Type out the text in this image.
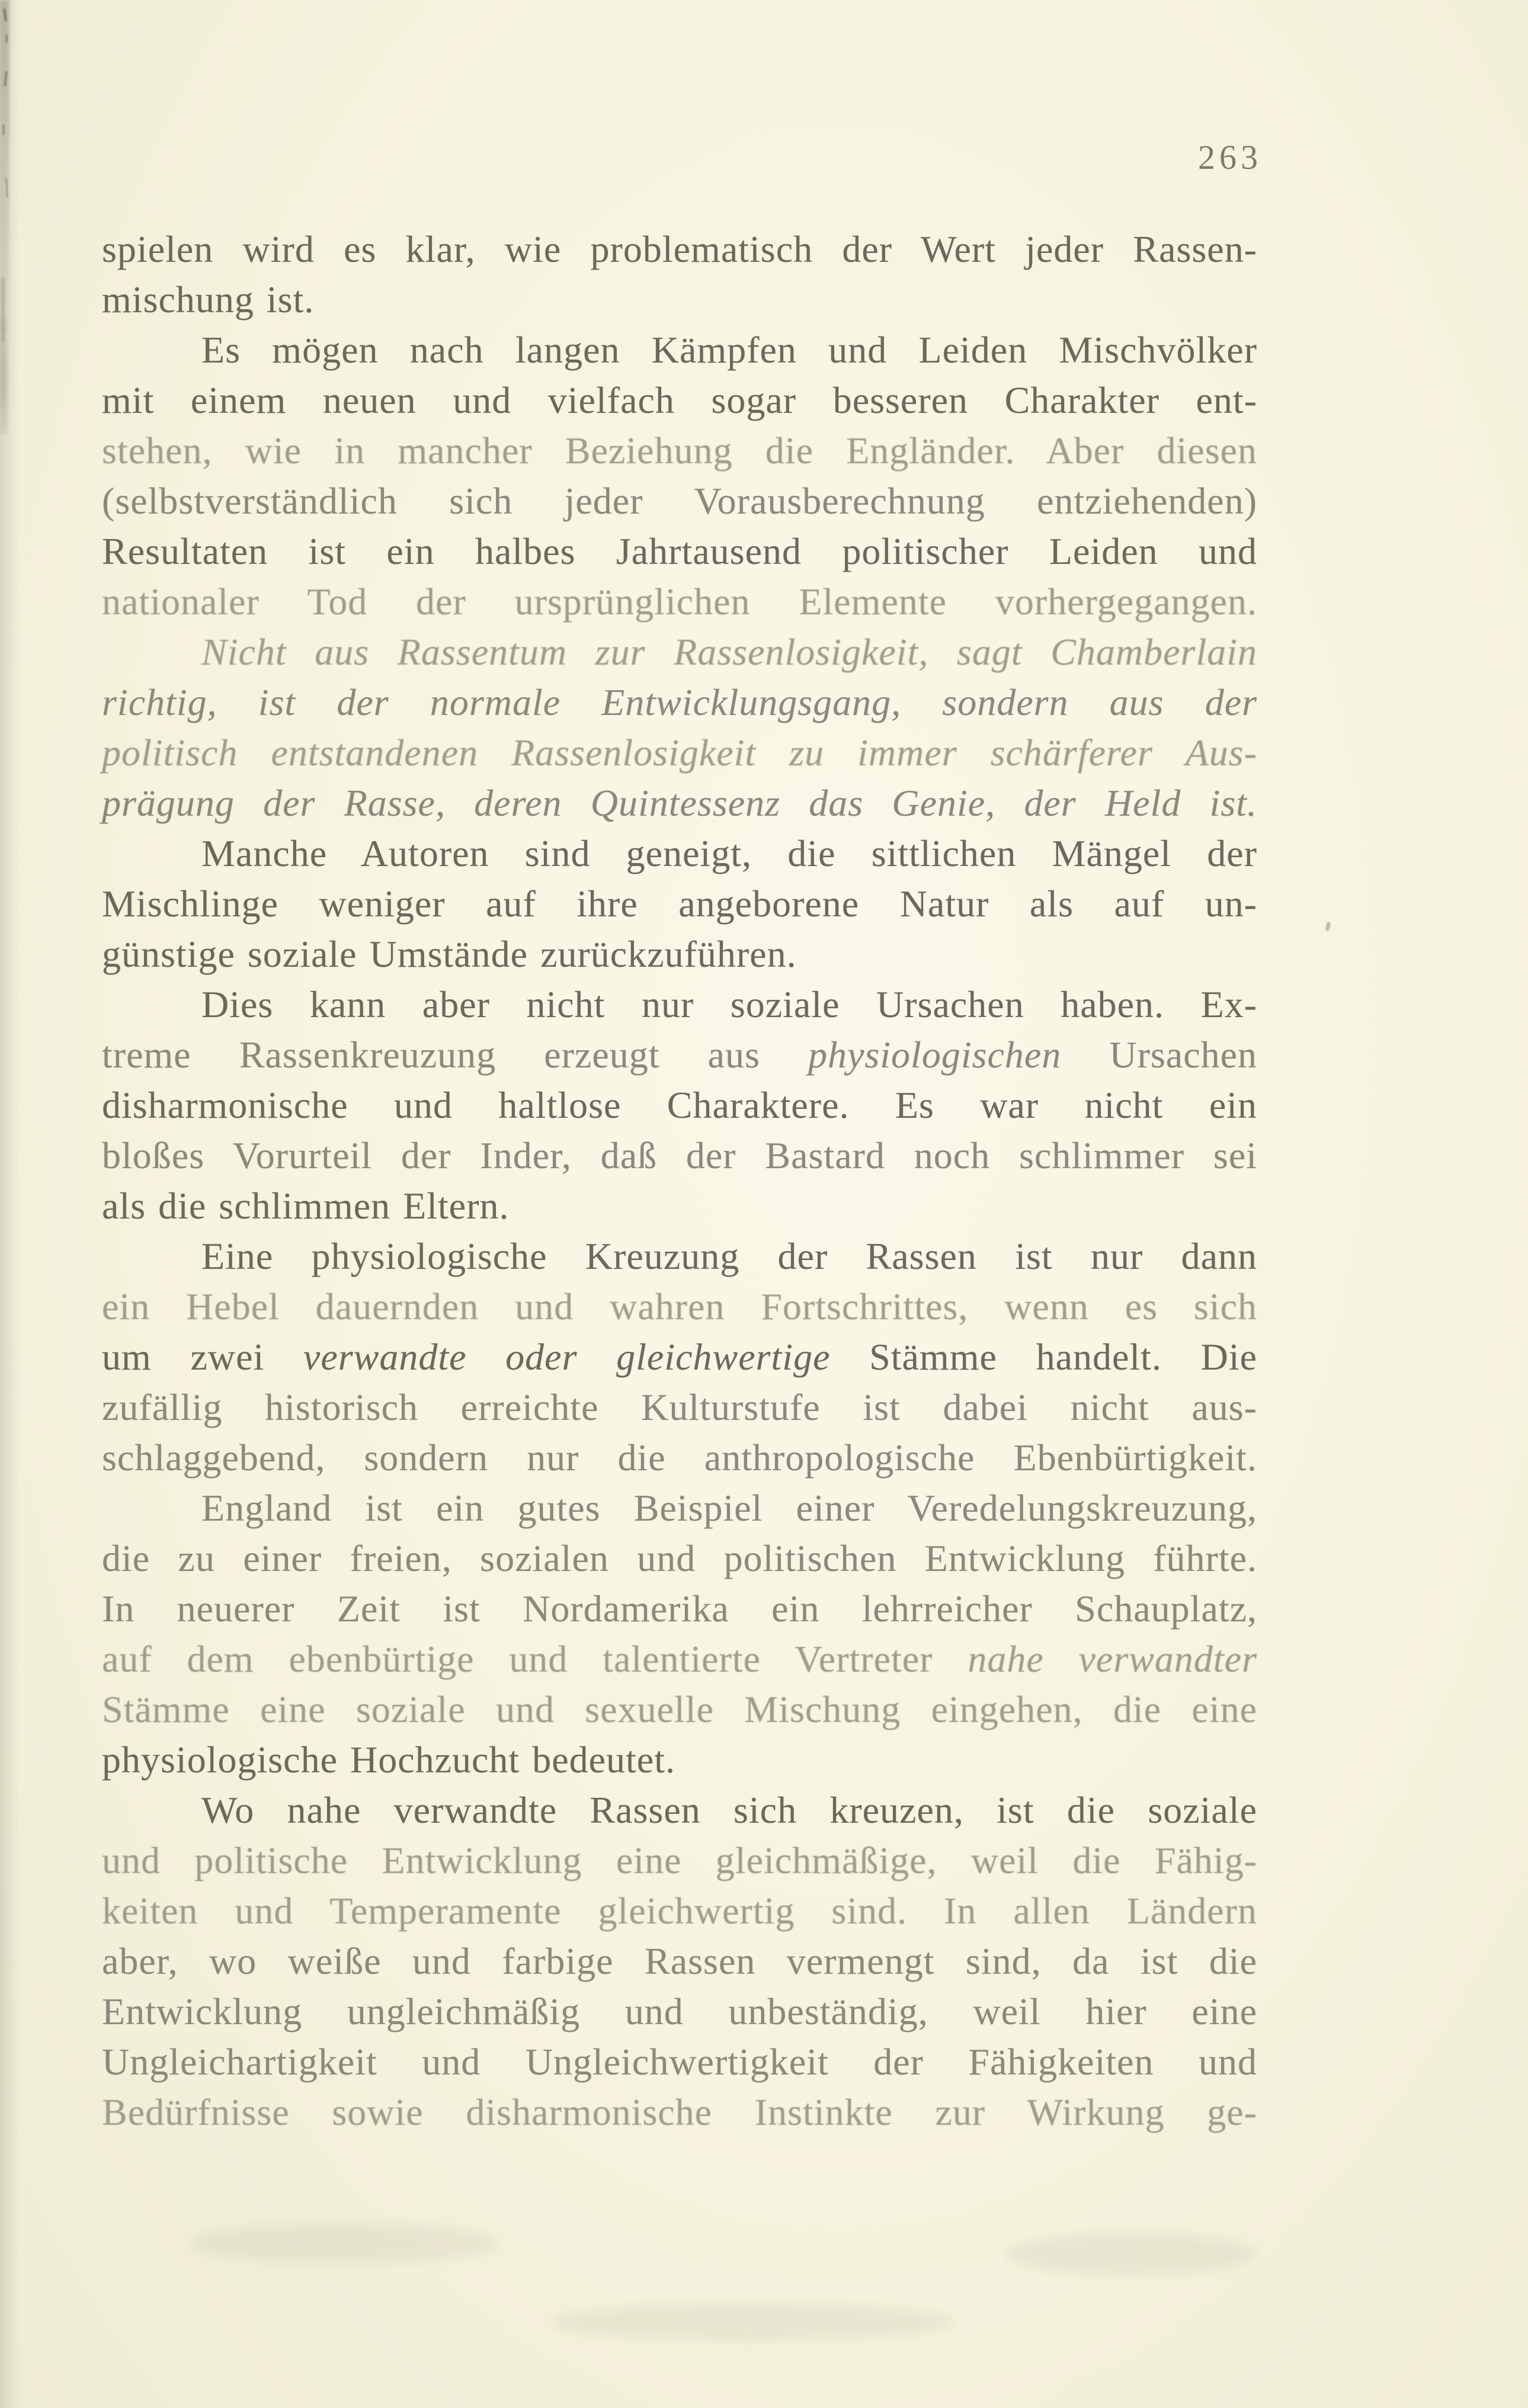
263
spielen wird es klar, wie problematisch der Wert jeder Rassen-
mischung ist.
Es mögen nach langen Kämpfen und Leiden Mischvölker
mit einem neuen und vielfach sogar besseren Charakter ent-
stehen, wie in mancher Beziehung die Engländer. Aber diesen
(selbstverständlich sich jeder Vorausberechnung entziehenden)
Resultaten ist ein halbes Jahrtausend politischer Leiden und
nationaler Tod der ursprünglichen Elemente vorhergegangen.
Nicht aus Rassentum zur Rassenlosigkeit, sagt Chamberlain
richtig, ist der normale Entwicklungsgang, sondern aus der
politisch entstandenen Rassenlosigkeit zu immer schärferer Aus-
prägung der Rasse, deren Quintessenz das Genie, der Held ist.
Manche Autoren sind geneigt, die sittlichen Mängel der
Mischlinge weniger auf ihre angeborene Natur als auf un-
günstige soziale Umstände zurückzuführen.
Dies kann aber nicht nur soziale Ursachen haben. Ex-
treme Rassenkreuzung erzeugt aus physiologischen Ursachen
disharmonische und haltlose Charaktere. Es war nicht ein
bloßes Vorurteil der Inder, daß der Bastard noch schlimmer sei
als die schlimmen Eltern.
Eine physiologische Kreuzung der Rassen ist nur dann
ein Hebel dauernden und wahren Fortschrittes, wenn es sich
um zwei verwandte oder gleichwertige Stämme handelt. Die
zufällig historisch erreichte Kulturstufe ist dabei nicht aus-
schlaggebend, sondern nur die anthropologische Ebenbürtigkeit.
England ist ein gutes Beispiel einer Veredelungskreuzung,
die zu einer freien, sozialen und politischen Entwicklung führte.
In neuerer Zeit ist Nordamerika ein lehrreicher Schauplatz,
auf dem ebenbürtige und talentierte Vertreter nahe verwandter
Stämme eine soziale und sexuelle Mischung eingehen, die eine
physiologische Hochzucht bedeutet.
Wo nahe verwandte Rassen sich kreuzen, ist die soziale
und politische Entwicklung eine gleichmäßige, weil die Fähig-
keiten und Temperamente gleichwertig sind. In allen Ländern
aber, wo weiße und farbige Rassen vermengt sind, da ist die
Entwicklung ungleichmäßig und unbeständig, weil hier eine
Ungleichartigkeit und Ungleichwertigkeit der Fähigkeiten und
Bedürfnisse sowie disharmonische Instinkte zur Wirkung ge-
